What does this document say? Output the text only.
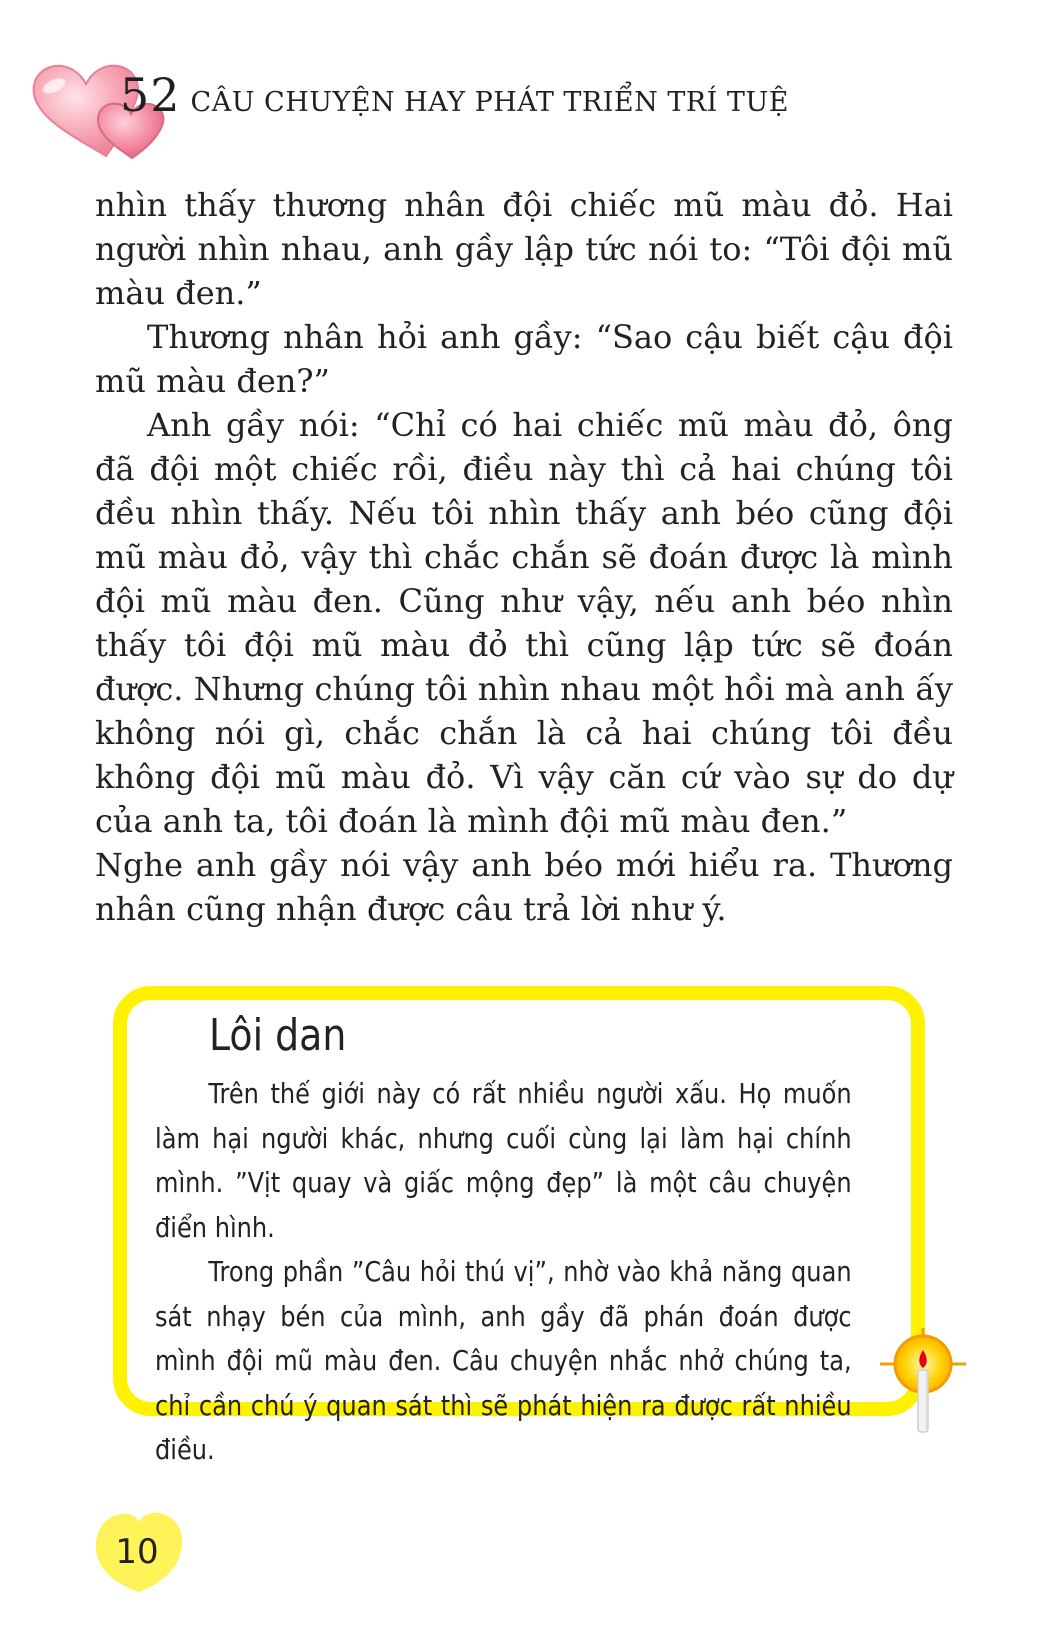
52 CÂU CHUYỆN HAY PHÁT TRIỂN TRÍ TUỆ

nhìn thấy thương nhân đội chiếc mũ màu đỏ. Hai người nhìn nhau, anh gầy lập tức nói to: “Tôi đội mũ màu đen.”

Thương nhân hỏi anh gầy: “Sao cậu biết cậu đội mũ màu đen?”

Anh gầy nói: “Chỉ có hai chiếc mũ màu đỏ, ông đã đội một chiếc rồi, điều này thì cả hai chúng tôi đều nhìn thấy. Nếu tôi nhìn thấy anh béo cũng đội mũ màu đỏ, vậy thì chắc chắn sẽ đoán được là mình đội mũ màu đen. Cũng như vậy, nếu anh béo nhìn thấy tôi đội mũ màu đỏ thì cũng lập tức sẽ đoán được. Nhưng chúng tôi nhìn nhau một hồi mà anh ấy không nói gì, chắc chắn là cả hai chúng tôi đều không đội mũ màu đỏ. Vì vậy căn cứ vào sự do dự của anh ta, tôi đoán là mình đội mũ màu đen.”

Nghe anh gầy nói vậy anh béo mới hiểu ra. Thương nhân cũng nhận được câu trả lời như ý.

Lôi dan

Trên thế giới này có rất nhiều người xấu. Họ muốn làm hại người khác, nhưng cuối cùng lại làm hại chính mình. ”Vịt quay và giấc mộng đẹp” là một câu chuyện điển hình.

Trong phần ”Câu hỏi thú vị”, nhờ vào khả năng quan sát nhạy bén của mình, anh gầy đã phán đoán được mình đội mũ màu đen. Câu chuyện nhắc nhở chúng ta, chỉ cần chú ý quan sát thì sẽ phát hiện ra được rất nhiều điều.

10
